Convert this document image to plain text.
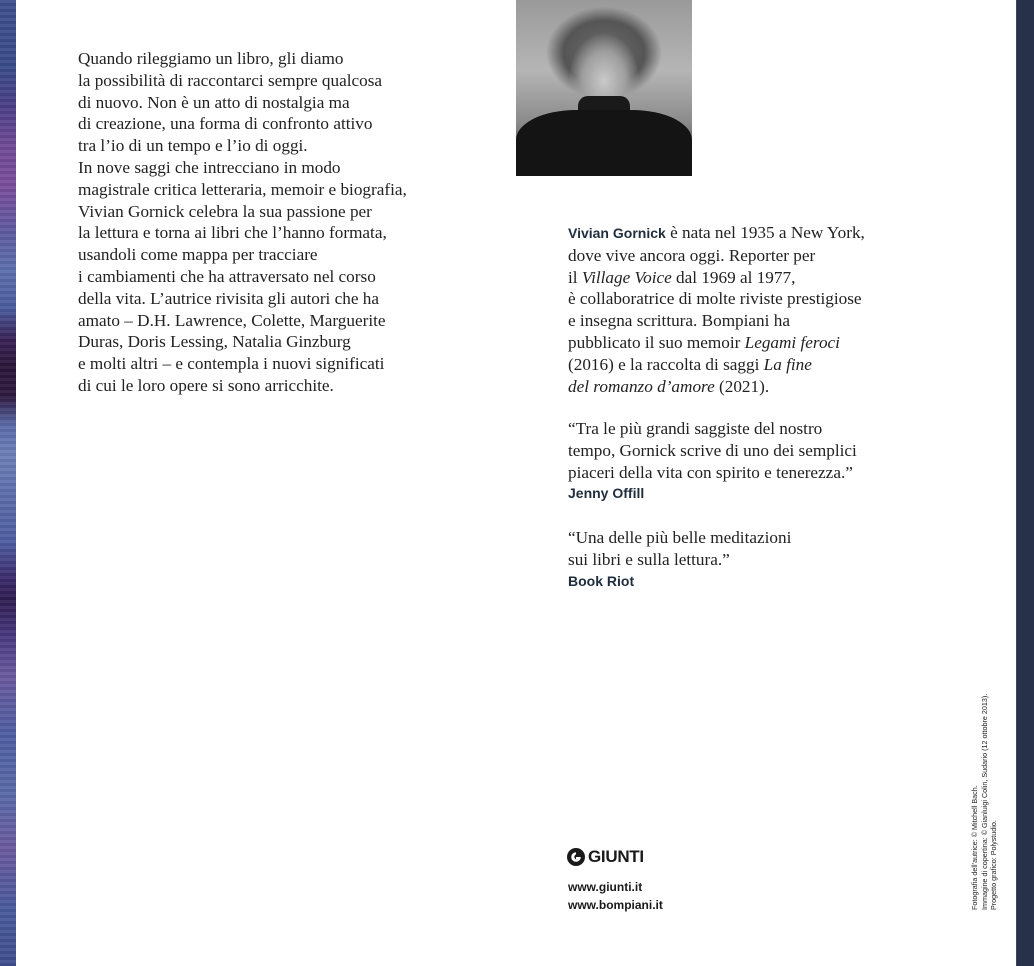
Quando rileggiamo un libro, gli diamo
la possibilità di raccontarci sempre qualcosa
di nuovo. Non è un atto di nostalgia ma
di creazione, una forma di confronto attivo
tra l’io di un tempo e l’io di oggi.
In nove saggi che intrecciano in modo
magistrale critica letteraria, memoir e biografia,
Vivian Gornick celebra la sua passione per
la lettura e torna ai libri che l’hanno formata,
usandoli come mappa per tracciare
i cambiamenti che ha attraversato nel corso
della vita. L’autrice rivisita gli autori che ha
amato – D.H. Lawrence, Colette, Marguerite
Duras, Doris Lessing, Natalia Ginzburg
e molti altri – e contempla i nuovi significati
di cui le loro opere si sono arricchite.
Vivian Gornick è nata nel 1935 a New York,
dove vive ancora oggi. Reporter per
il Village Voice dal 1969 al 1977,
è collaboratrice di molte riviste prestigiose
e insegna scrittura. Bompiani ha
pubblicato il suo memoir Legami feroci
(2016) e la raccolta di saggi La fine
del romanzo d’amore (2021).
“Tra le più grandi saggiste del nostro
tempo, Gornick scrive di uno dei semplici
piaceri della vita con spirito e tenerezza.”
Jenny Offill
“Una delle più belle meditazioni
sui libri e sulla lettura.”
Book Riot
GIUNTI
www.giunti.it
www.bompiani.it	Fotografia dell’autrice: © Mitchell Bach. Immagine di copertina: © Gianluigi Colin, Sudario (12 ottobre 2013). Progetto grafico: Polystudio.
